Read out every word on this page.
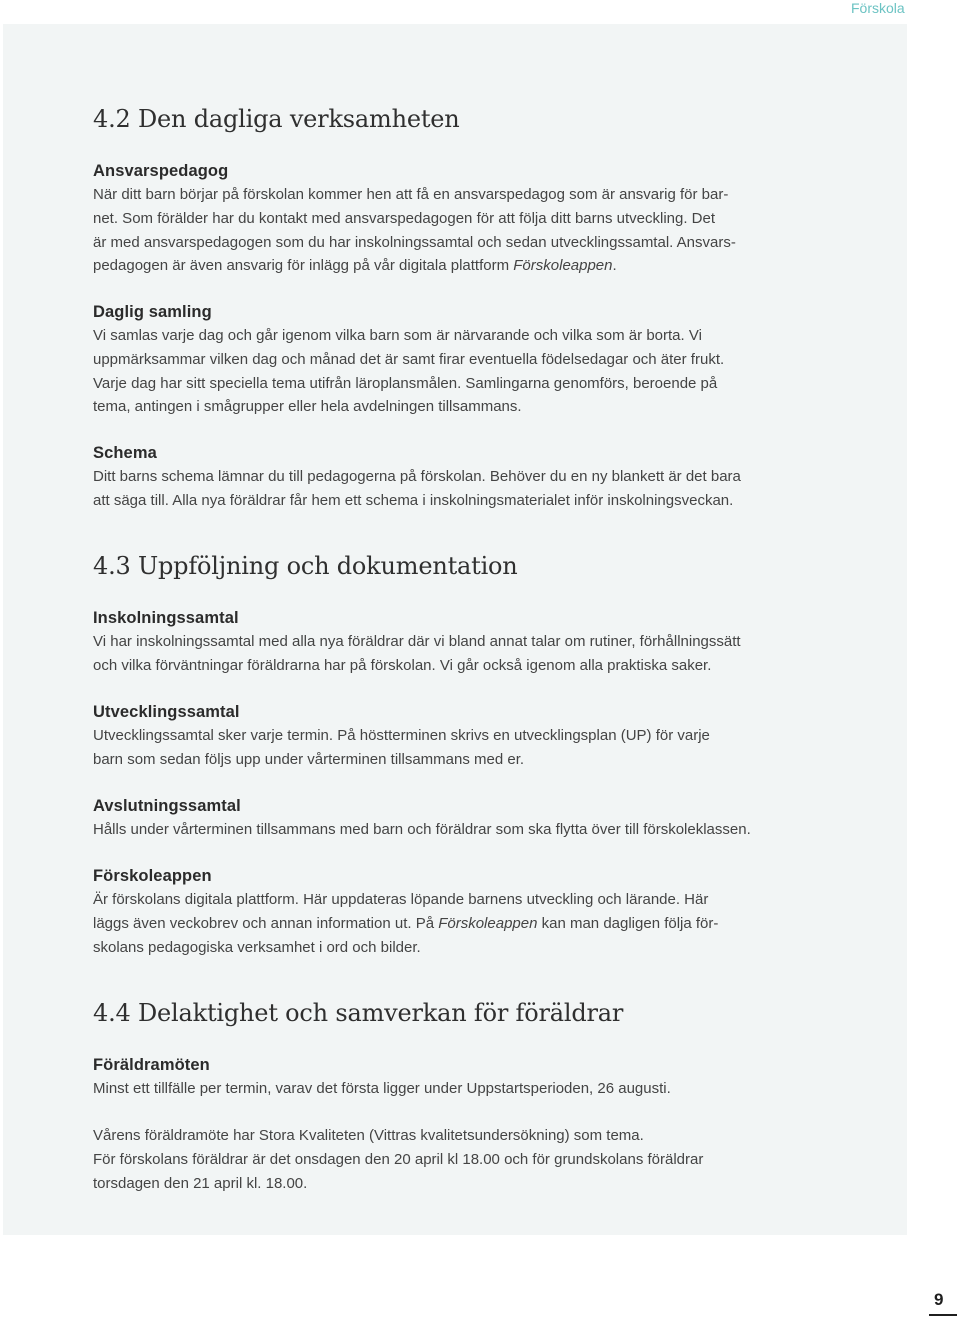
Förskola
4.2 Den dagliga verksamheten

Ansvarspedagog

När ditt barn börjar på förskolan kommer hen att få en ansvarspedagog som är ansvarig för bar-

net. Som förälder har du kontakt med ansvarspedagogen för att följa ditt barns utveckling. Det

är med ansvarspedagogen som du har inskolningssamtal och sedan utvecklingssamtal. Ansvars-

pedagogen är även ansvarig för inlägg på vår digitala plattform Förskoleappen.

Daglig samling

Vi samlas varje dag och går igenom vilka barn som är närvarande och vilka som är borta. Vi

uppmärksammar vilken dag och månad det är samt firar eventuella födelsedagar och äter frukt.

Varje dag har sitt speciella tema utifrån läroplansmålen. Samlingarna genomförs, beroende på

tema, antingen i smågrupper eller hela avdelningen tillsammans.

Schema

Ditt barns schema lämnar du till pedagogerna på förskolan. Behöver du en ny blankett är det bara

att säga till. Alla nya föräldrar får hem ett schema i inskolningsmaterialet inför inskolningsveckan.

4.3 Uppföljning och dokumentation

Inskolningssamtal

Vi har inskolningssamtal med alla nya föräldrar där vi bland annat talar om rutiner, förhållningssätt

och vilka förväntningar föräldrarna har på förskolan. Vi går också igenom alla praktiska saker.

Utvecklingssamtal

Utvecklingssamtal sker varje termin. På höstterminen skrivs en utvecklingsplan (UP) för varje

barn som sedan följs upp under vårterminen tillsammans med er.

Avslutningssamtal

Hålls under vårterminen tillsammans med barn och föräldrar som ska flytta över till förskoleklassen.

Förskoleappen

Är förskolans digitala plattform. Här uppdateras löpande barnens utveckling och lärande. Här

läggs även veckobrev och annan information ut. På Förskoleappen kan man dagligen följa för-

skolans pedagogiska verksamhet i ord och bilder.

4.4 Delaktighet och samverkan för föräldrar

Föräldramöten

Minst ett tillfälle per termin, varav det första ligger under Uppstartsperioden, 26 augusti.

Vårens föräldramöte har Stora Kvaliteten (Vittras kvalitetsundersökning) som tema.

För förskolans föräldrar är det onsdagen den 20 april kl 18.00 och för grundskolans föräldrar

torsdagen den 21 april kl. 18.00.

9
